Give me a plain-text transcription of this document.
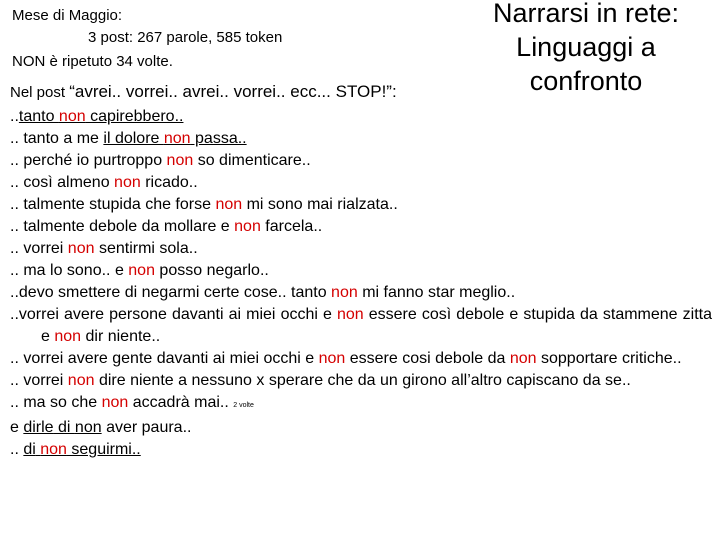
Narrarsi in rete:
Linguaggi a
confronto
Mese di Maggio:
3 post: 267 parole, 585 token
NON è ripetuto 34 volte.
Nel post “avrei.. vorrei.. avrei.. vorrei.. ecc... STOP!”:
..tanto non capirebbero..
.. tanto a me il dolore non passa..
.. perché io purtroppo non so dimenticare..
.. così almeno non ricado..
.. talmente stupida che forse non mi sono mai rialzata..
.. talmente debole da mollare e non farcela..
.. vorrei non sentirmi sola..
.. ma lo sono.. e non posso negarlo..
..devo smettere di negarmi certe cose.. tanto non mi fanno star meglio..
..vorrei avere persone davanti ai miei occhi e non essere così debole e stupida da stammene zitta e non dir niente..
.. vorrei avere gente davanti ai miei occhi e non essere cosi debole da non sopportare critiche..
.. vorrei non dire niente a nessuno x sperare che da un girono all’altro capiscano da se..
.. ma so che non accadrà mai.. 2 volte
e dirle di non aver paura..
.. di non seguirmi..
